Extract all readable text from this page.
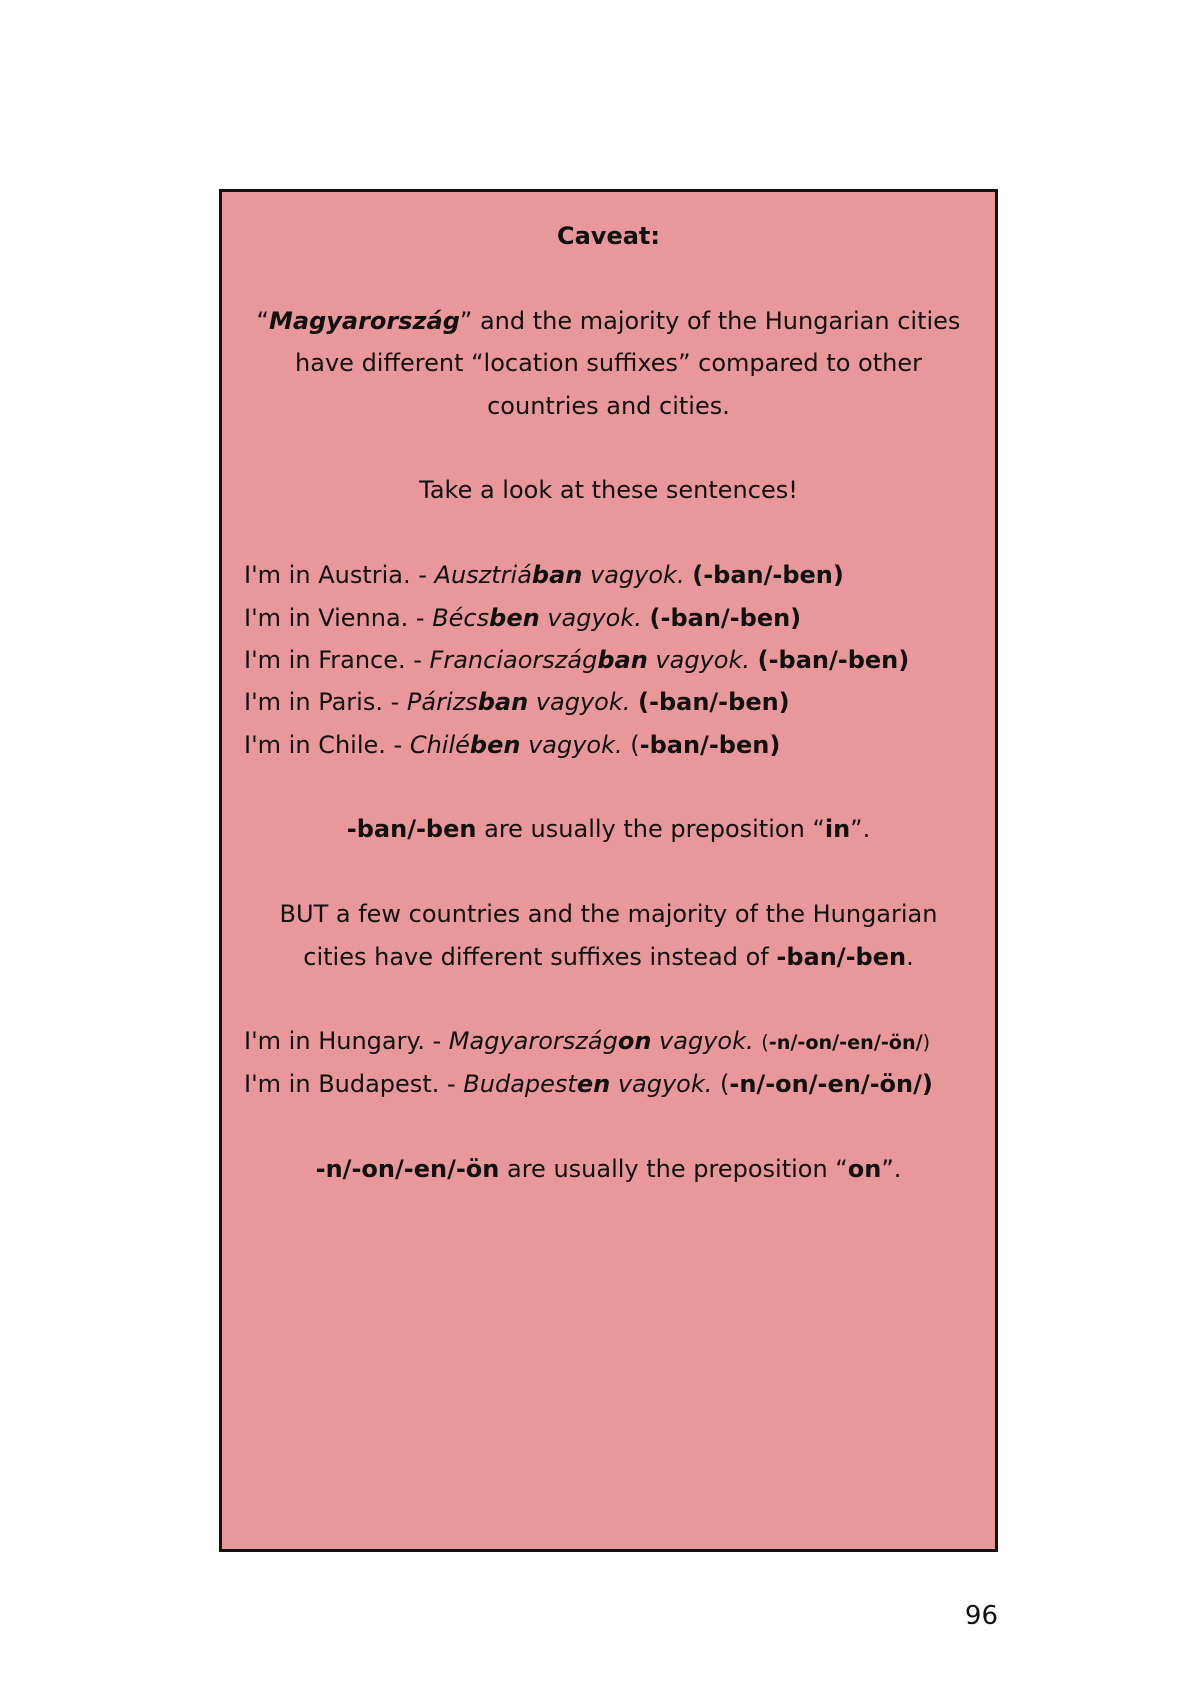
Caveat:
“Magyarország” and the majority of the Hungarian cities
have different “location suffixes” compared to other
countries and cities.
Take a look at these sentences!
I'm in Austria. - Ausztriában vagyok. (-ban/-ben)
I'm in Vienna. - Bécsben vagyok. (-ban/-ben)
I'm in France. - Franciaországban vagyok. (-ban/-ben)
I'm in Paris. - Párizsban vagyok. (-ban/-ben)
I'm in Chile. - Chilében vagyok. (-ban/-ben)
-ban/-ben are usually the preposition “in”.
BUT a few countries and the majority of the Hungarian
cities have different suffixes instead of -ban/-ben.
I'm in Hungary. - Magyarországon vagyok. (-n/-on/-en/-ön/)
I'm in Budapest. - Budapesten vagyok. (-n/-on/-en/-ön/)
-n/-on/-en/-ön are usually the preposition “on”.
96
